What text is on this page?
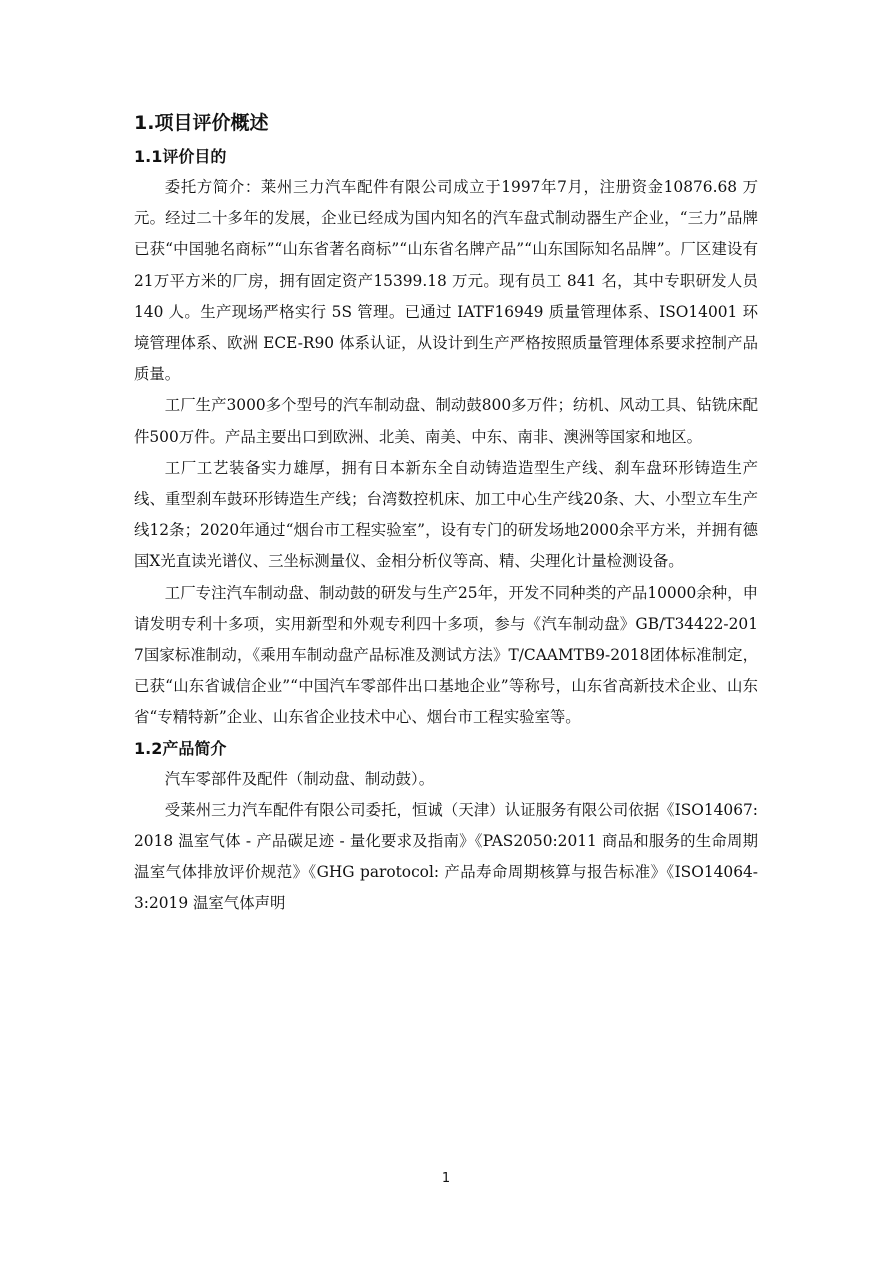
1.项目评价概述
1.1评价目的

委托方简介：莱州三力汽车配件有限公司成立于1997年7月，注册资金10876.68 万元。经过二十多年的发展，企业已经成为国内知名的汽车盘式制动器生产企业，“三力”品牌已获“中国驰名商标”“山东省著名商标”“山东省名牌产品”“山东国际知名品牌”。厂区建设有21万平方米的厂房，拥有固定资产15399.18 万元。现有员工 841 名，其中专职研发人员 140 人。生产现场严格实行 5S 管理。已通过 IATF16949 质量管理体系、ISO14001 环境管理体系、欧洲 ECE-R90 体系认证，从设计到生产严格按照质量管理体系要求控制产品质量。

工厂生产3000多个型号的汽车制动盘、制动鼓800多万件；纺机、风动工具、钻铣床配件500万件。产品主要出口到欧洲、北美、南美、中东、南非、澳洲等国家和地区。

工厂工艺装备实力雄厚，拥有日本新东全自动铸造造型生产线、刹车盘环形铸造生产线、重型刹车鼓环形铸造生产线；台湾数控机床、加工中心生产线20条、大、小型立车生产线12条；2020年通过“烟台市工程实验室”，设有专门的研发场地2000余平方米，并拥有德国X光直读光谱仪、三坐标测量仪、金相分析仪等高、精、尖理化计量检测设备。

工厂专注汽车制动盘、制动鼓的研发与生产25年，开发不同种类的产品10000余种，申请发明专利十多项，实用新型和外观专利四十多项，参与《汽车制动盘》GB/T34422-2017国家标准制动，《乘用车制动盘产品标准及测试方法》T/CAAMTB9-2018团体标准制定，已获“山东省诚信企业”“中国汽车零部件出口基地企业”等称号，山东省高新技术企业、山东省“专精特新”企业、山东省企业技术中心、烟台市工程实验室等。

1.2产品简介

汽车零部件及配件（制动盘、制动鼓）。

受莱州三力汽车配件有限公司委托，恒诚（天津）认证服务有限公司依据《ISO14067:2018 温室气体 - 产品碳足迹 - 量化要求及指南》《PAS2050:2011 商品和服务的生命周期温室气体排放评价规范》《GHG parotocol: 产品寿命周期核算与报告标准》《ISO14064-3:2019 温室气体声明

1
